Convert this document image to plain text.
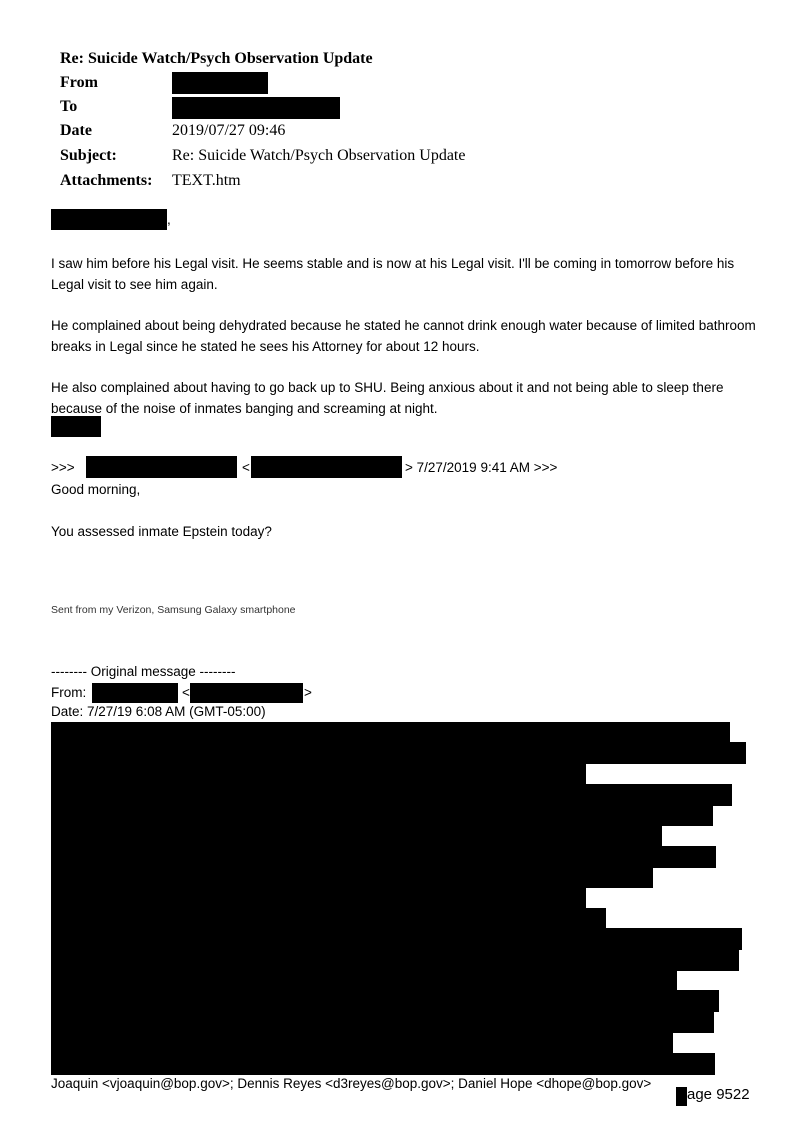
Re: Suicide Watch/Psych Observation Update
From
To
Date	2019/07/27 09:46
Subject:	Re: Suicide Watch/Psych Observation Update
Attachments: TEXT.htm
,
I saw him before his Legal visit. He seems stable and is now at his Legal visit. I'll be coming in tomorrow before his Legal visit to see him again.
He complained about being dehydrated because he stated he cannot drink enough water because of limited bathroom breaks in Legal since he stated he sees his Attorney for about 12 hours.
He also complained about having to go back up to SHU. Being anxious about it and not being able to sleep there because of the noise of inmates banging and screaming at night.
>>>	<	> 7/27/2019 9:41 AM >>>
Good morning,
You assessed inmate Epstein today?
Sent from my Verizon, Samsung Galaxy smartphone
-------- Original message --------
From:	<	>
Date: 7/27/19 6:08 AM (GMT-05:00)
Joaquin <vjoaquin@bop.gov>; Dennis Reyes <d3reyes@bop.gov>; Daniel Hope <dhope@bop.gov>
age 9522
